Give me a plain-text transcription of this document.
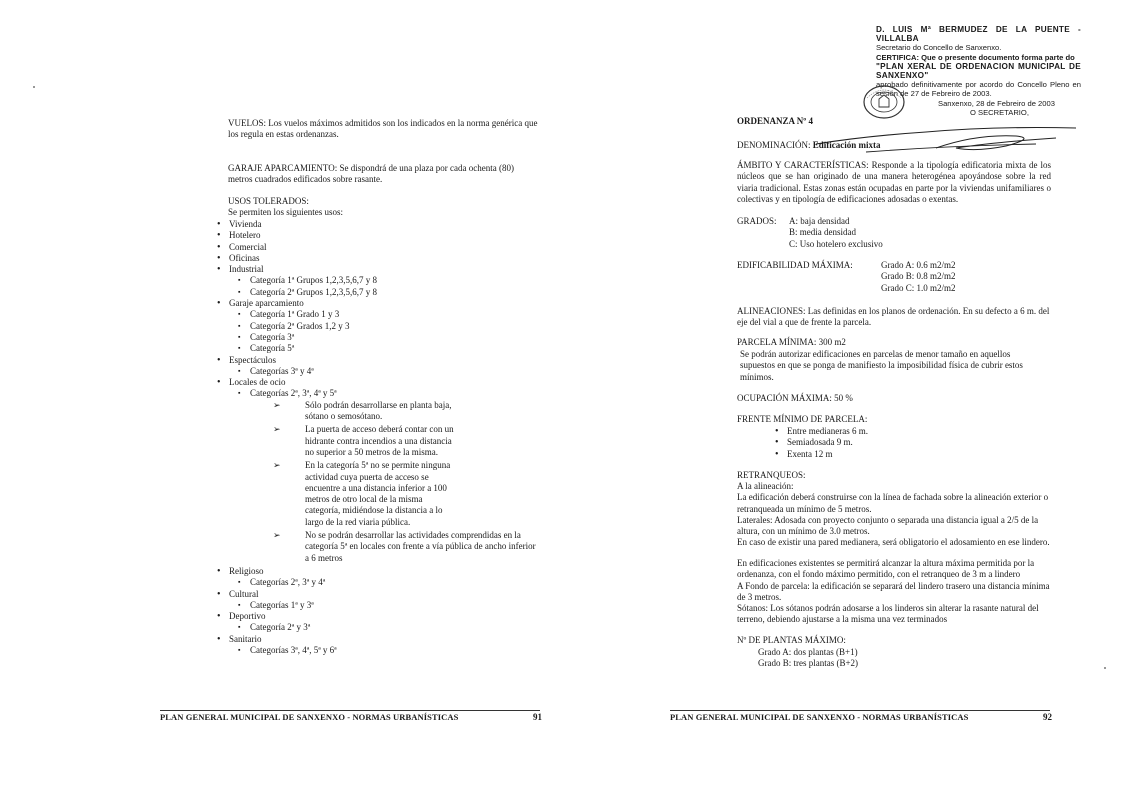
VUELOS: Los vuelos máximos admitidos son los indicados en la norma genérica que los regula en estas ordenanzas.

GARAJE APARCAMIENTO: Se dispondrá de una plaza por cada ochenta (80) metros cuadrados edificados sobre rasante.

USOS TOLERADOS:
Se permiten los siguientes usos:
• Vivienda
• Hotelero
• Comercial
• Oficinas
• Industrial
▪ Categoría 1ª Grupos 1,2,3,5,6,7 y 8
▪ Categoría 2ª Grupos 1,2,3,5,6,7 y 8
• Garaje aparcamiento
▪ Categoría 1ª Grado 1 y 3
▪ Categoría 2ª Grados 1,2 y 3
▪ Categoría 3ª
▪ Categoría 5ª
• Espectáculos
▪ Categorías 3ª y 4ª
• Locales de ocio
▪ Categorías 2ª, 3ª, 4ª y 5ª
➢ Sólo podrán desarrollarse en planta baja, sótano o semosótano.
➢ La puerta de acceso deberá contar con un hidrante contra incendios a una distancia no superior a 50 metros de la misma.
➢ En la categoría 5ª no se permite ninguna actividad cuya puerta de acceso se encuentre a una distancia inferior a 100 metros de otro local de la misma categoría, midiéndose la distancia a lo largo de la red viaria pública.
➢ No se podrán desarrollar las actividades comprendidas en la categoría 5ª en locales con frente a vía pública de ancho inferior a 6 metros
• Religioso
▪ Categorías 2ª, 3ª y 4ª
• Cultural
▪ Categorías 1ª y 3ª
• Deportivo
▪ Categoría 2ª y 3ª
• Sanitario
▪ Categorías 3ª, 4ª, 5ª y 6ª
PLAN GENERAL MUNICIPAL DE SANXENXO - NORMAS URBANÍSTICAS	91
D. LUIS Mª BERMUDEZ DE LA PUENTE - VILLALBA
Secretario do Concello de Sanxenxo.
CERTIFICA: Que o presente documento forma parte do
"PLAN XERAL DE ORDENACION MUNICIPAL DE SANXENXO"
aprobado definitivamente por acordo do Concello Pleno en sesión de 27 de Febreiro de 2003.
Sanxenxo, 28 de Febreiro de 2003
O SECRETARIO,
ORDENANZA Nº 4
DENOMINACIÓN: Edificación mixta

ÁMBITO Y CARACTERÍSTICAS: Responde a la tipología edificatoria mixta de los núcleos que se han originado de una manera heterogénea apoyándose sobre la red viaria tradicional. Estas zonas están ocupadas en parte por la viviendas unifamiliares o colectivas y en tipología de edificaciones adosadas o exentas.

GRADOS: A: baja densidad
B: media densidad
C: Uso hotelero exclusivo
EDIFICABILIDAD MÁXIMA:	Grado A: 0.6 m2/m2
Grado B: 0.8 m2/m2
Grado C: 1.0 m2/m2

ALINEACIONES: Las definidas en los planos de ordenación. En su defecto a 6 m. del eje del vial a que de frente la parcela.

PARCELA MÍNIMA: 300 m2

Se podrán autorizar edificaciones en parcelas de menor tamaño en aquellos supuestos en que se ponga de manifiesto la imposibilidad física de cubrir estos mínimos.

OCUPACIÓN MÁXIMA: 50 %
FRENTE MÍNIMO DE PARCELA:
• Entre medianeras 6 m.
• Semiadosada 9 m.
• Exenta 12 m
RETRANQUEOS:
A la alineación:
La edificación deberá construirse con la línea de fachada sobre la alineación exterior o retranqueada un mínimo de 5 metros.
Laterales: Adosada con proyecto conjunto o separada una distancia igual a 2/5 de la altura, con un mínimo de 3.0 metros.
En caso de existir una pared medianera, será obligatorio el adosamiento en ese lindero.
En edificaciones existentes se permitirá alcanzar la altura máxima permitida por la ordenanza, con el fondo máximo permitido, con el retranqueo de 3 m a lindero
A Fondo de parcela: la edificación se separará del lindero trasero una distancia mínima de 3 metros.
Sótanos: Los sótanos podrán adosarse a los linderos sin alterar la rasante natural del terreno, debiendo ajustarse a la misma una vez terminados
Nº DE PLANTAS MÁXIMO:
Grado A: dos plantas (B+1)
Grado B: tres plantas (B+2)
PLAN GENERAL MUNICIPAL DE SANXENXO - NORMAS URBANÍSTICAS	92
